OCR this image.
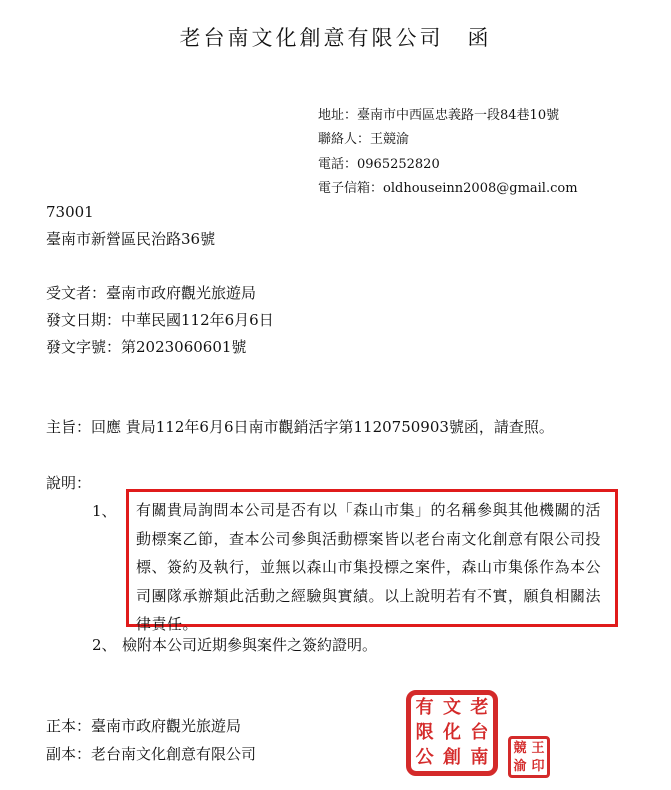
老台南文化創意有限公司　函
地址：臺南市中西區忠義路一段84巷10號
聯絡人：王競渝
電話：0965252820
電子信箱：oldhouseinn2008@gmail.com
73001
臺南市新營區民治路36號
受文者：臺南市政府觀光旅遊局
發文日期：中華民國112年6月6日
發文字號：第2023060601號
主旨：回應 貴局112年6月6日南市觀銷活字第1120750903號函，請查照。
說明：
1、 有關貴局詢問本公司是否有以「森山市集」的名稱參與其他機關的活動標案乙節，查本公司參與活動標案皆以老台南文化創意有限公司投標、簽約及執行，並無以森山市集投標之案件，森山市集係作為本公司團隊承辦類此活動之經驗與實績。以上說明若有不實，願負相關法律責任。
2、 檢附本公司近期參與案件之簽約證明。
正本：臺南市政府觀光旅遊局
副本：老台南文化創意有限公司
有 文 老
限 化 台
公 創 南	競 王
渝 印
